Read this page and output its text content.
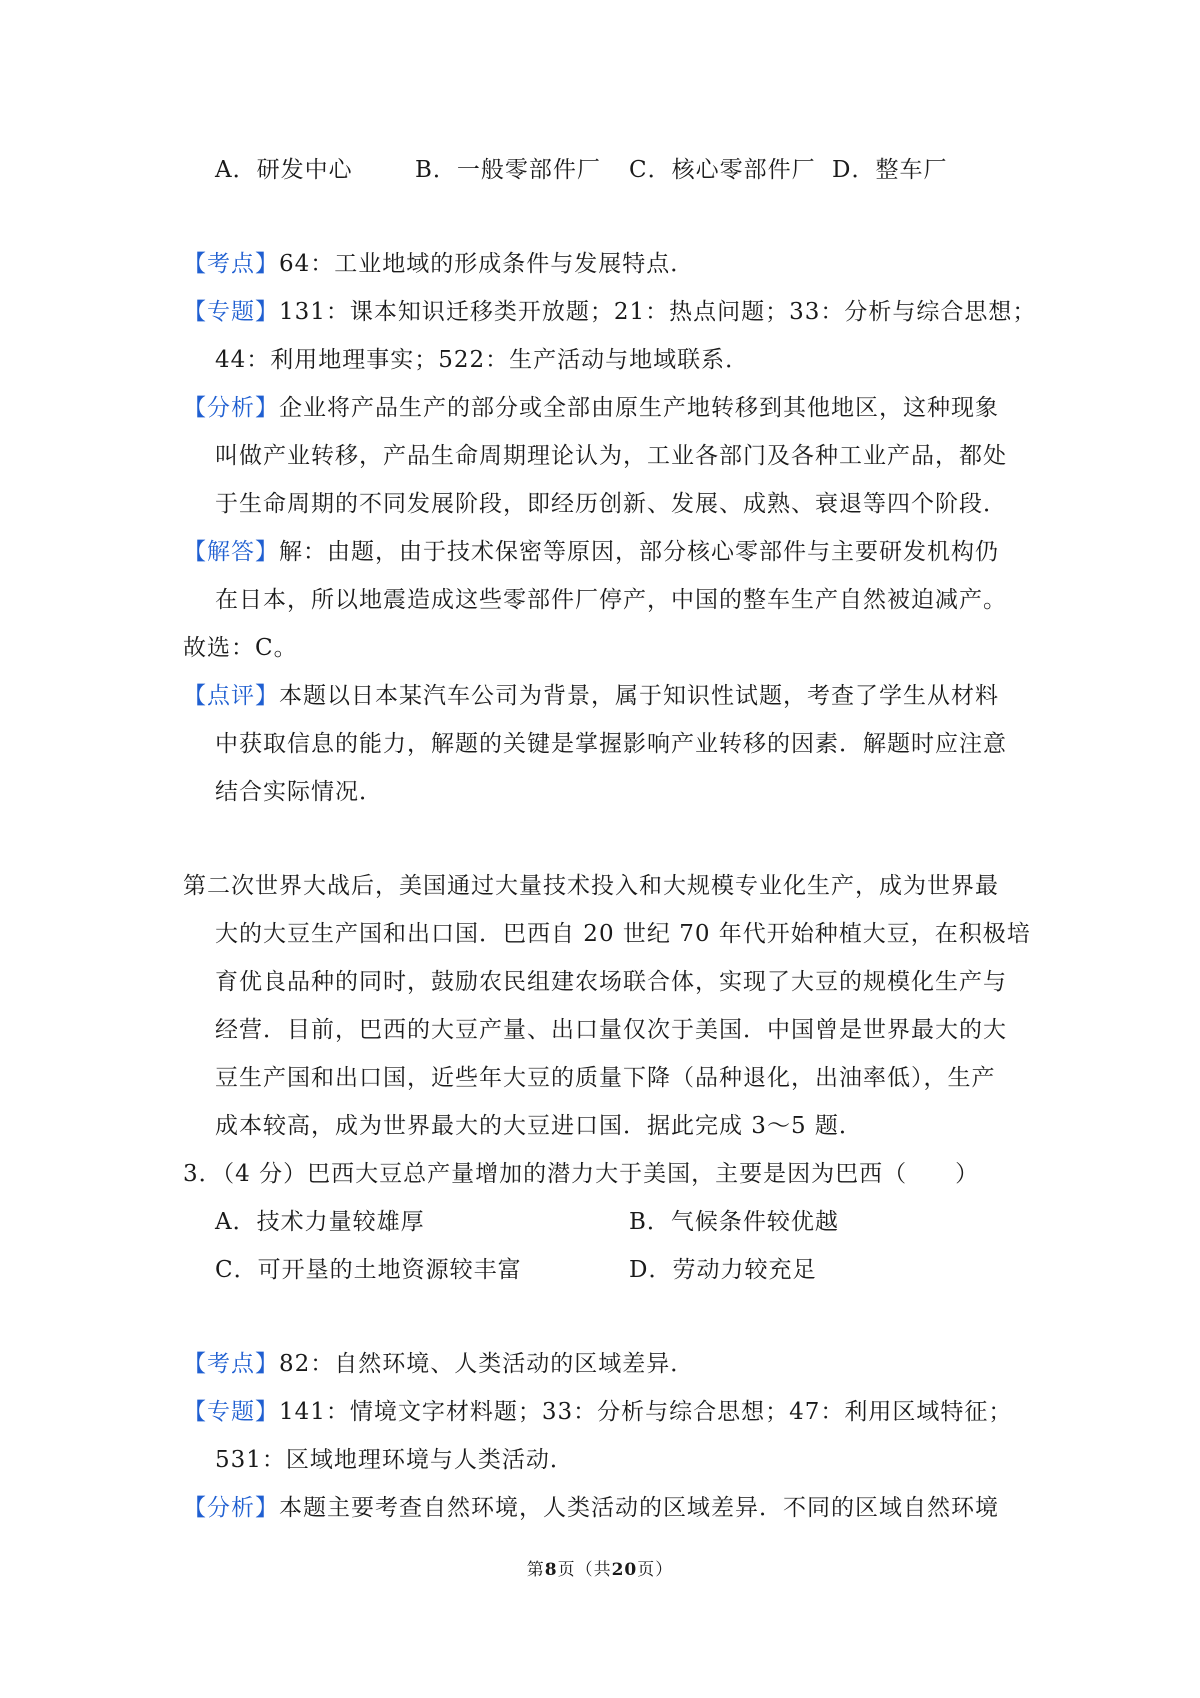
A．研发中心	B．一般零部件厂 C．核心零部件厂 D．整车厂

【考点】64：工业地域的形成条件与发展特点．

【专题】131：课本知识迁移类开放题；21：热点问题；33：分析与综合思想；

44：利用地理事实；522：生产活动与地域联系．

【分析】企业将产品生产的部分或全部由原生产地转移到其他地区，这种现象

叫做产业转移，产品生命周期理论认为，工业各部门及各种工业产品，都处

于生命周期的不同发展阶段，即经历创新、发展、成熟、衰退等四个阶段．

【解答】解：由题，由于技术保密等原因，部分核心零部件与主要研发机构仍

在日本，所以地震造成这些零部件厂停产，中国的整车生产自然被迫减产。

故选：C。

【点评】本题以日本某汽车公司为背景，属于知识性试题，考查了学生从材料

中获取信息的能力，解题的关键是掌握影响产业转移的因素．解题时应注意

结合实际情况．

第二次世界大战后，美国通过大量技术投入和大规模专业化生产，成为世界最

大的大豆生产国和出口国．巴西自 20 世纪 70 年代开始种植大豆，在积极培

育优良品种的同时，鼓励农民组建农场联合体，实现了大豆的规模化生产与

经营．目前，巴西的大豆产量、出口量仅次于美国．中国曾是世界最大的大

豆生产国和出口国，近些年大豆的质量下降（品种退化，出油率低），生产

成本较高，成为世界最大的大豆进口国．据此完成 3～5 题．

3．（4 分）巴西大豆总产量增加的潜力大于美国，主要是因为巴西（　　）

A．技术力量较雄厚	B．气候条件较优越

C．可开垦的土地资源较丰富	D．劳动力较充足

【考点】82：自然环境、人类活动的区域差异．

【专题】141：情境文字材料题；33：分析与综合思想；47：利用区域特征；

531：区域地理环境与人类活动．

【分析】本题主要考查自然环境，人类活动的区域差异．不同的区域自然环境

第8页（共20页）
